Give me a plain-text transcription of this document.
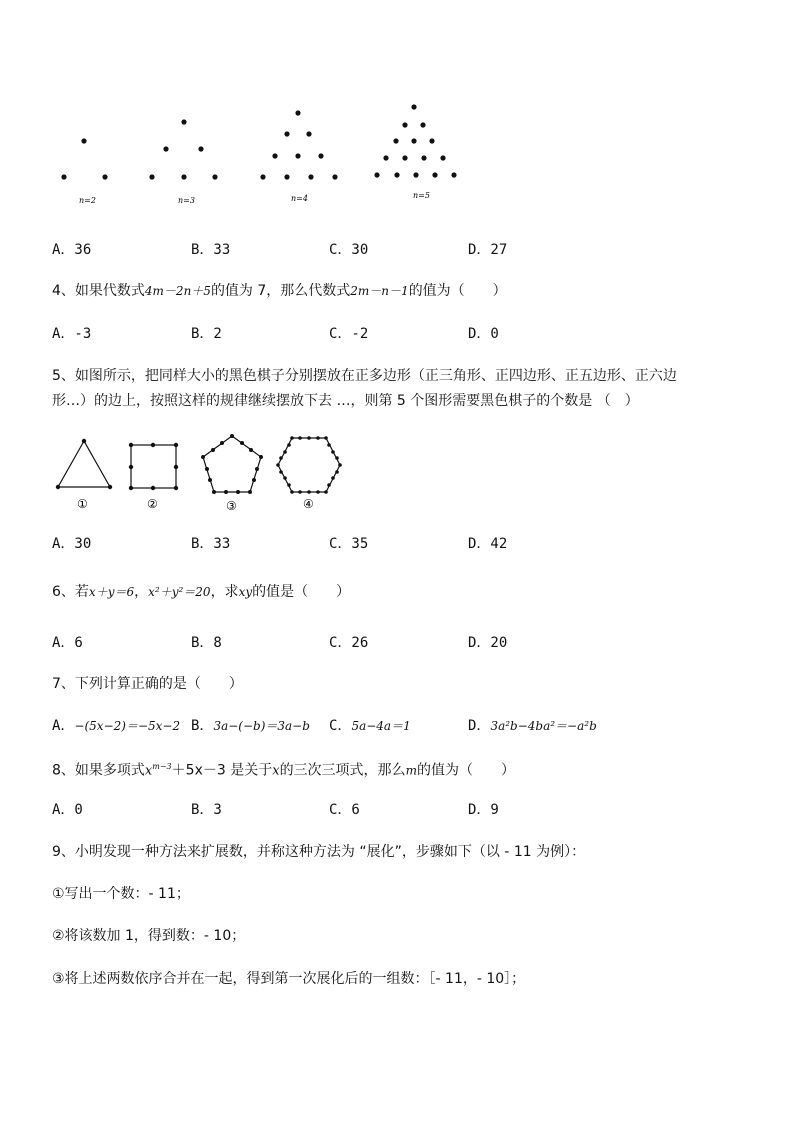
n=2	n=3	n=4	n=5
A．36	B．33	C．30	D．27
4、如果代数式4m－2n＋5的值为 7，那么代数式2m－n－1的值为（　　）
A．-3	B．2	C．-2	D．0
5、如图所示，把同样大小的黑色棋子分别摆放在正多边形（正三角形、正四边形、正五边形、正六边
形…）的边上，按照这样的规律继续摆放下去 …，则第 5 个图形需要黑色棋子的个数是 （　）
①	②	③	④
A．30	B．33	C．35	D．42
6、若x＋y＝6，x²＋y²＝20，求xy的值是（　　）
A．6	B．8	C．26	D．20
7、下列计算正确的是（　　）
A．−(5x−2)＝−5x−2 B．3a−(−b)＝3a−b C．5a−4a＝1	D．3a²b−4ba²＝−a²b
8、如果多项式$x^{m-3}+5x-3$ 是关于x的三次三项式，那么m的值为（　　）
A．0	B．3	C．6	D．9
9、小明发现一种方法来扩展数，并称这种方法为 “展化”，步骤如下（以 - 11 为例）：
①写出一个数：- 11；
②将该数加 1，得到数：- 10；
③将上述两数依序合并在一起，得到第一次展化后的一组数：［- 11，- 10］；
